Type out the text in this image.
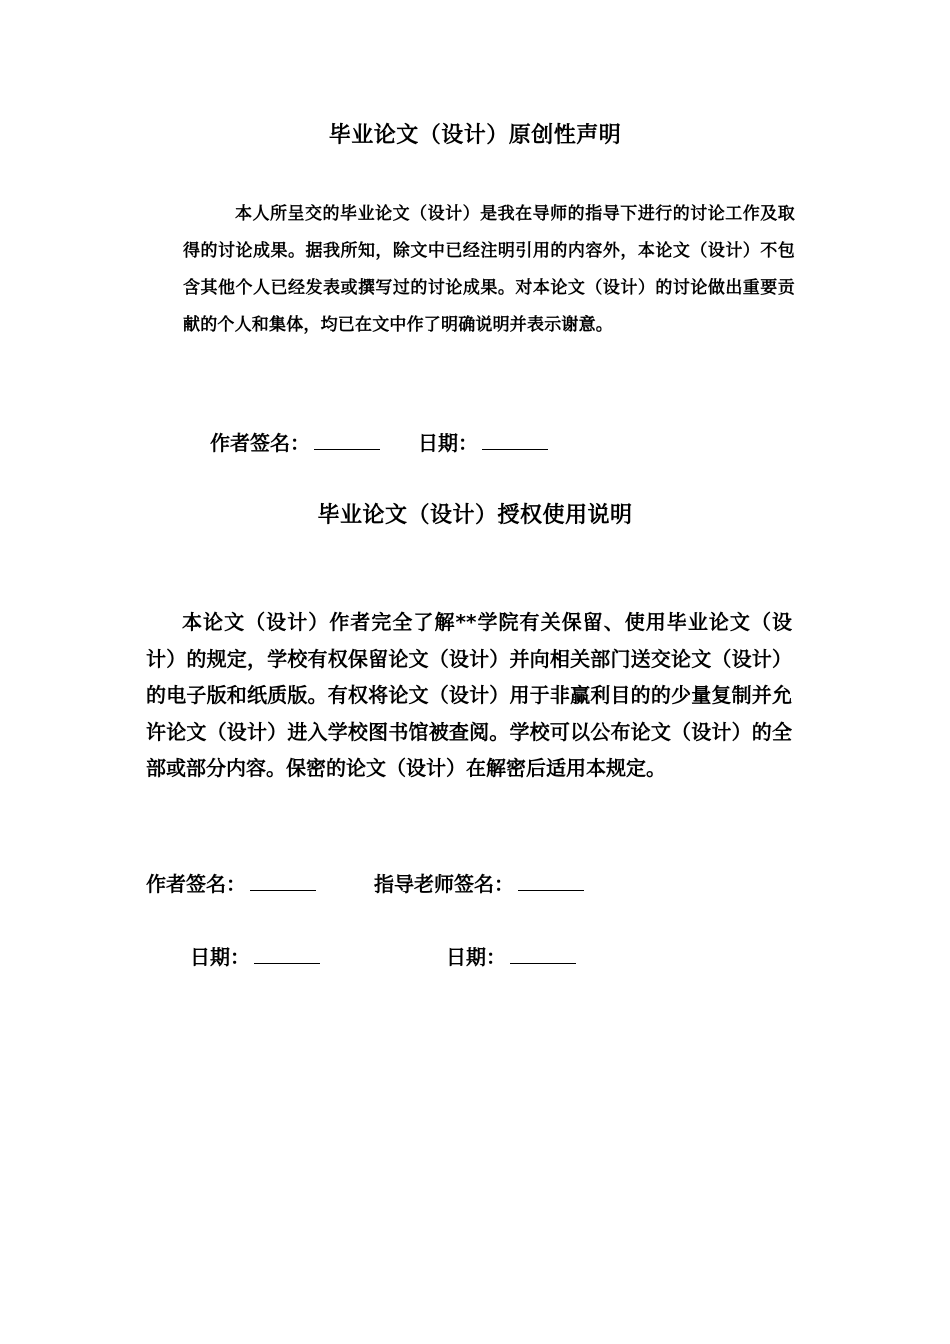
毕业论文（设计）原创性声明
本人所呈交的毕业论文（设计）是我在导师的指导下进行的讨论工作及取得的讨论成果。据我所知，除文中已经注明引用的内容外，本论文（设计）不包含其他个人已经发表或撰写过的讨论成果。对本论文（设计）的讨论做出重要贡献的个人和集体，均已在文中作了明确说明并表示谢意。
作者签名：	日期：
毕业论文（设计）授权使用说明
本论文（设计）作者完全了解**学院有关保留、使用毕业论文（设计）的规定，学校有权保留论文（设计）并向相关部门送交论文（设计）的电子版和纸质版。有权将论文（设计）用于非赢利目的的少量复制并允许论文（设计）进入学校图书馆被查阅。学校可以公布论文（设计）的全部或部分内容。保密的论文（设计）在解密后适用本规定。
作者签名：	指导老师签名：
日期：	日期：
